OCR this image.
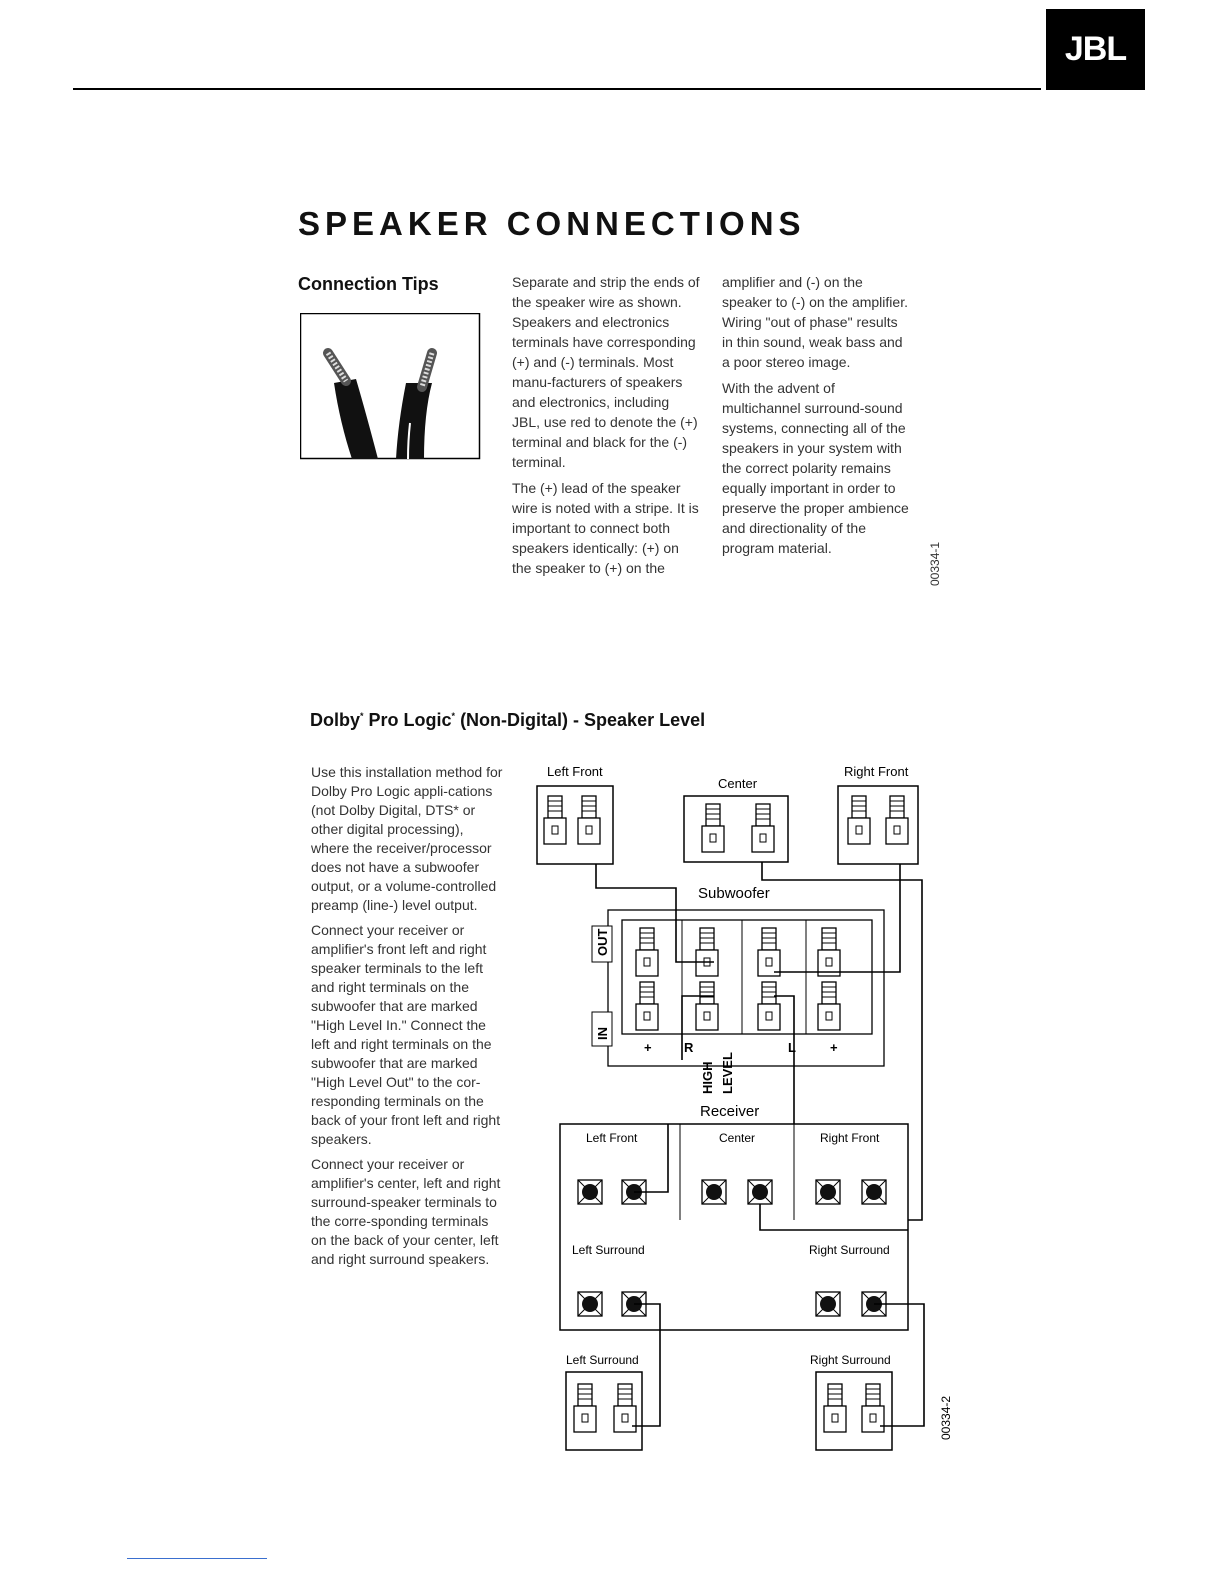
JBL
SPEAKER CONNECTIONS
Connection Tips	Separate and strip the ends of the speaker wire as shown. Speakers and electronics terminals have corresponding (+) and (-) terminals. Most manu-facturers of speakers and electronics, including JBL, use red to denote the (+) terminal and black for the (-) terminal.

The (+) lead of the speaker wire is noted with a stripe. It is important to connect both speakers identically: (+) on the speaker to (+) on the

amplifier and (-) on the speaker to (-) on the amplifier. Wiring "out of phase" results in thin sound, weak bass and a poor stereo image.

With the advent of multichannel surround-sound systems, connecting all of the speakers in your system with the correct polarity remains equally important in order to preserve the proper ambience and directionality of the program material.	00334-1
Dolby* Pro Logic* (Non-Digital) - Speaker Level

Use this installation method for Dolby Pro Logic appli-cations (not Dolby Digital, DTS* or other digital processing), where the receiver/processor does not have a subwoofer output, or a volume-controlled preamp (line-) level output.

Connect your receiver or amplifier's front left and right speaker terminals to the left and right terminals on the subwoofer that are marked "High Level In." Connect the left and right terminals on the subwoofer that are marked "High Level Out" to the cor-responding terminals on the back of your front left and right speakers.

Connect your receiver or amplifier's center, left and right surround-speaker terminals to the corre-sponding terminals on the back of your center, left and right surround speakers.

Left Front
Center
Right Front
Subwoofer
OUT
IN
+ R	L	+
HIGH LEVEL
Receiver
Left Front	Center	Right Front
Left Surround	Right Surround
Left Surround	Right Surround
00334-2
